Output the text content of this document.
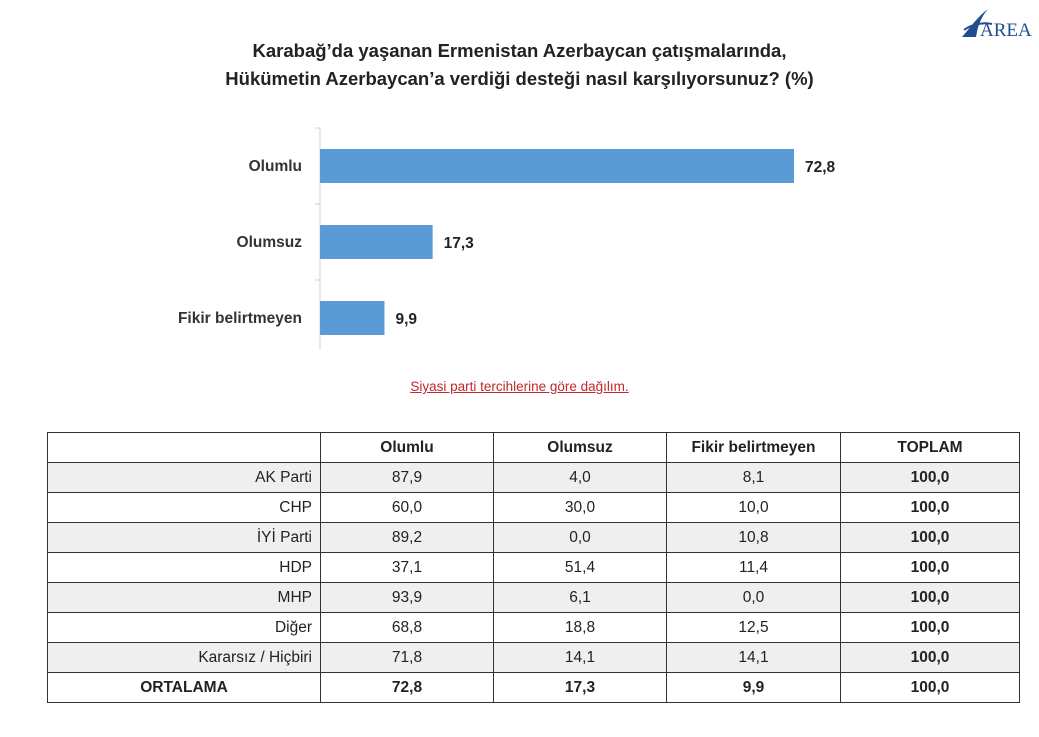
AREA
Karabağ’da yaşanan Ermenistan Azerbaycan çatışmalarında,
Hükümetin Azerbaycan’a verdiği desteği nasıl karşılıyorsunuz? (%)
Olumlu	72,8
Olumsuz	17,3
Fikir belirtmeyen	9,9
Siyasi parti tercihlerine göre dağılım.
	Olumlu	Olumsuz	Fikir belirtmeyen	TOPLAM
AK Parti	87,9	4,0	8,1	100,0
CHP	60,0	30,0	10,0	100,0
İYİ Parti	89,2	0,0	10,8	100,0
HDP	37,1	51,4	11,4	100,0
MHP	93,9	6,1	0,0	100,0
Diğer	68,8	18,8	12,5	100,0
Kararsız / Hiçbiri	71,8	14,1	14,1	100,0
ORTALAMA	72,8	17,3	9,9	100,0
